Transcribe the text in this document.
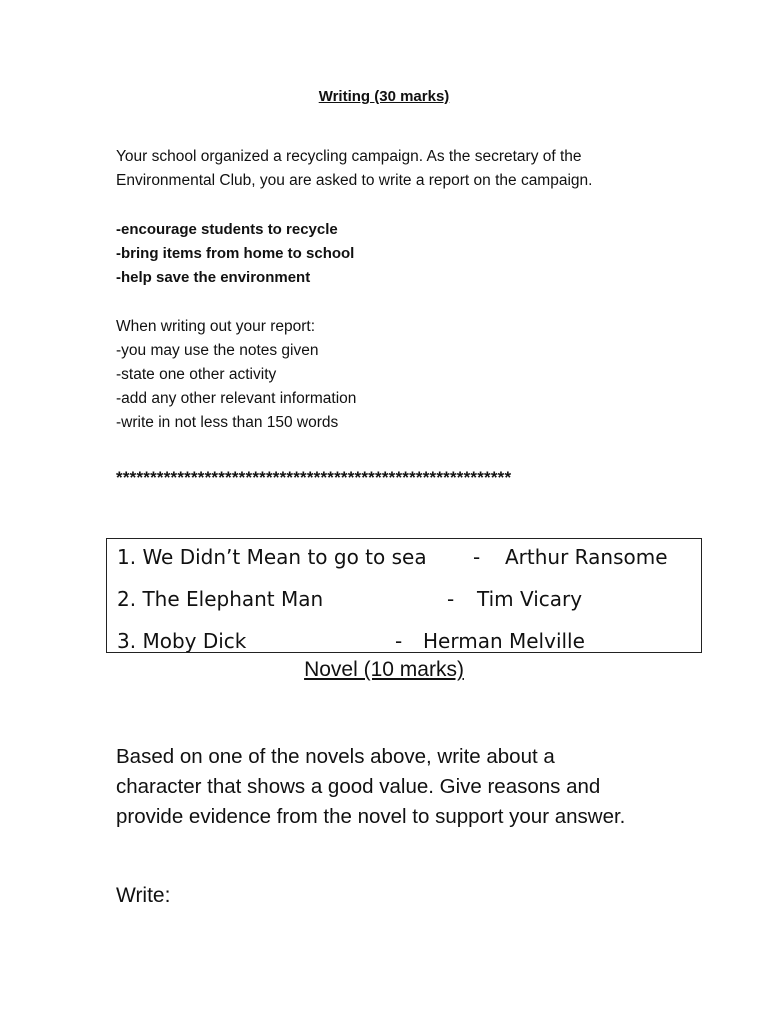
Writing (30 marks)
Your school organized a recycling campaign. As the secretary of the
Environmental Club, you are asked to write a report on the campaign.
-encourage students to recycle
-bring items from home to school
-help save the environment
When writing out your report:
-you may use the notes given
-state one other activity
-add any other relevant information
-write in not less than 150 words
**********************************************************
1. We Didn’t Mean to go to sea - Arthur Ransome
2. The Elephant Man	- Tim Vicary
3. Moby Dick	- Herman Melville
Novel (10 marks)
Based on one of the novels above, write about a
character that shows a good value. Give reasons and
provide evidence from the novel to support your answer.
Write:
